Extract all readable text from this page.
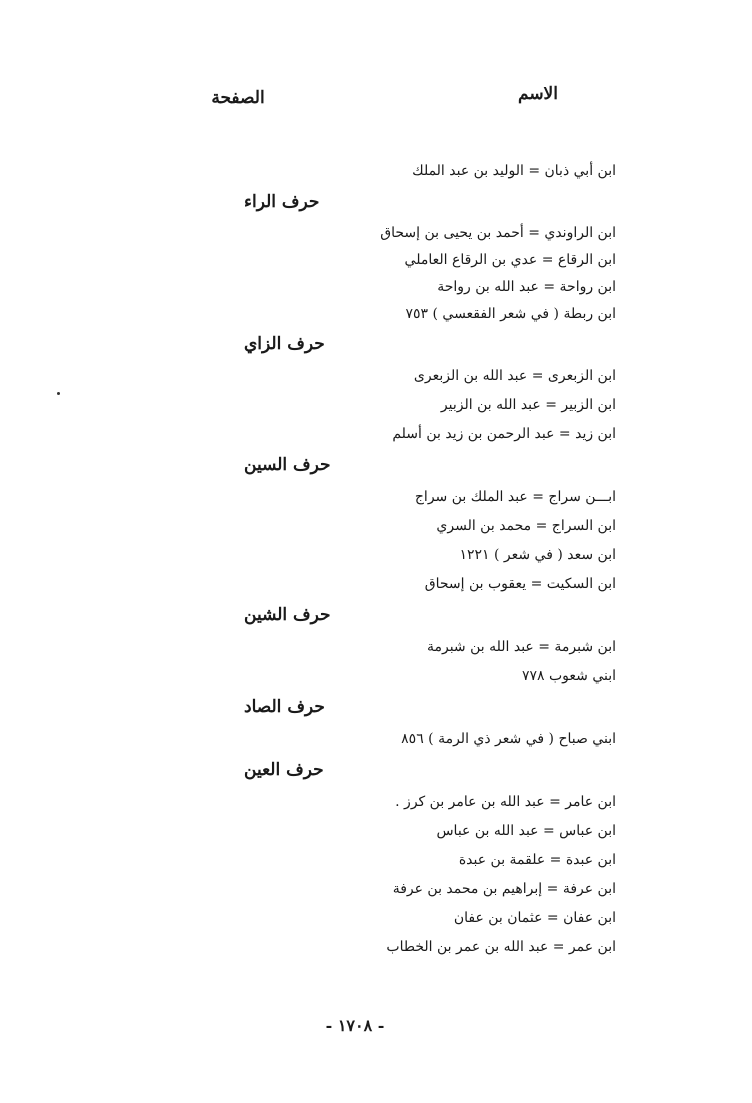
الاسم
الصفحة
ابن أبي ذبان = الوليد بن عبد الملك
حرف الراء
ابن الراوندي = أحمد بن يحيى بن إسحاق
ابن الرقاع = عدي بن الرقاع العاملي
ابن رواحة = عبد الله بن رواحة
ابن ربطة ( في شعر الفقعسي ) ٧٥٣
حرف الزاي
ابن الزبعرى = عبد الله بن الزبعرى
ابن الزبير = عبد الله بن الزبير
ابن زيد = عبد الرحمن بن زيد بن أسلم
حرف السين
ابـــن سراج = عبد الملك بن سراج
ابن السراج = محمد بن السري
ابن سعد ( في شعر ) ١٢٢١
ابن السكيت = يعقوب بن إسحاق
حرف الشين
ابن شبرمة = عبد الله بن شبرمة
ابني شعوب ٧٧٨
حرف الصاد
ابني صباح ( في شعر ذي الرمة ) ٨٥٦
حرف العين
ابن عامر = عبد الله بن عامر بن كرز .
ابن عباس = عبد الله بن عباس
ابن عبدة = علقمة بن عبدة
ابن عرفة = إبراهيم بن محمد بن عرفة
ابن عفان = عثمان بن عفان
ابن عمر = عبد الله بن عمر بن الخطاب
- ١٧٠٨ -
